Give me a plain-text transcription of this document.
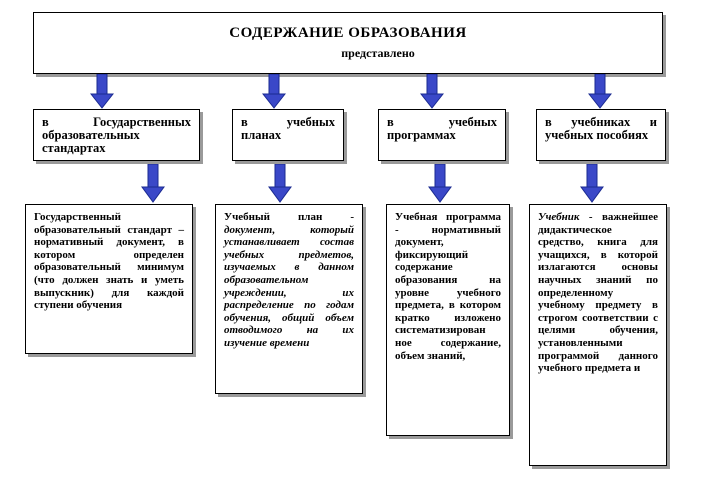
СОДЕРЖАНИЕ ОБРАЗОВАНИЯ
представлено
в Государственных образовательных стандартах
в учебных планах
в учебных программах
в учебниках и учебных пособиях
Государственный образовательный стандарт – нормативный документ, в котором определен образовательный минимум (что должен знать и уметь выпускник) для каждой ступени обучения
Учебный план - документ, который устанавливает состав учебных предметов, изучаемых в данном образовательном учреждении, их распределение по годам обучения, общий объем отводимого на их изучение времени
Учебная программа - нормативный документ, фиксирующий содержание образования на уровне учебного предмета, в котором кратко изложено систематизирован ное содержание, объем знаний,
Учебник - важнейшее дидактическое средство, книга для учащихся, в которой излагаются основы научных знаний по определенному учебному предмету в строгом соответствии с целями обучения, установленными программой данного учебного предмета и
